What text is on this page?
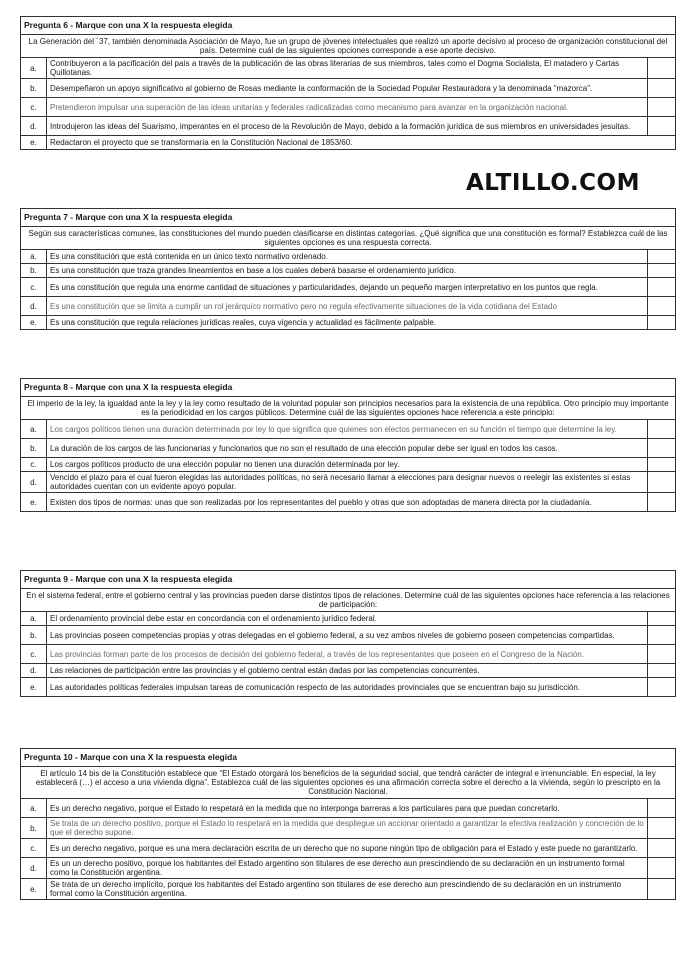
Pregunta 6 - Marque con una X la respuesta elegida		
La Generación del ´37, también denominada Asociación de Mayo, fue un grupo de jóvenes intelectuales que realizó un aporte decisivo al proceso de organización constitucional del país. Determine cuál de las siguientes opciones corresponde a ese aporte decisivo.		
a.	Contribuyeron a la pacificación del país a través de la publicación de las obras literarias de sus miembros, tales como el Dogma Socialista, El matadero y Cartas Quillotanas.	
b.	Desempeñaron un apoyo significativo al gobierno de Rosas mediante la conformación de la Sociedad Popular Restauradora y la denominada “mazorca”.	
c.	Pretendieron impulsar una superación de las ideas unitarias y federales radicalizadas como mecanismo para avanzar en la organización nacional.	
d.	Introdujeron las ideas del Suarismo, imperantes en el proceso de la Revolución de Mayo, debido a la formación jurídica de sus miembros en universidades jesuitas.	
e.	Redactaron el proyecto que se transformaría en la Constitución Nacional de 1853/60.	
ALTILLO.COM
Pregunta 7 - Marque con una X la respuesta elegida		
Según sus características comunes, las constituciones del mundo pueden clasificarse en distintas categorías. ¿Qué significa que una constitución es formal? Establezca cuál de las siguientes opciones es una respuesta correcta.		
a.	Es una constitución que está contenida en un único texto normativo ordenado.	
b.	Es una constitución que traza grandes lineamientos en base a los cuales deberá basarse el ordenamiento jurídico.	
c.	Es una constitución que regula una enorme cantidad de situaciones y particularidades, dejando un pequeño margen interpretativo en los puntos que regla.	
d.	Es una constitución que se limita a cumplir un rol jerárquico normativo pero no regula efectivamente situaciones de la vida cotidiana del Estado	
e.	Es una constitución que regula relaciones jurídicas reales, cuya vigencia y actualidad es fácilmente palpable.	
Pregunta 8 - Marque con una X la respuesta elegida		
El imperio de la ley, la igualdad ante la ley y la ley como resultado de la voluntad popular son principios necesarios para la existencia de una república. Otro principio muy importante es la periodicidad en los cargos públicos. Determine cuál de las siguientes opciones hace referencia a este principio:		
a.	Los cargos políticos tienen una duración determinada por ley lo que significa que quienes son electos permanecen en su función el tiempo que determine la ley.	
b.	La duración de los cargos de las funcionarias y funcionarios que no son el resultado de una elección popular debe ser igual en todos los casos.	
c.	Los cargos políticos producto de una elección popular no tienen una duración determinada por ley.	
d.	Vencido el plazo para el cual fueron elegidas las autoridades políticas, no será necesario llamar a elecciones para designar nuevos o reelegir las existentes si estas autoridades cuentan con un evidente apoyo popular.	
e.	Existen dos tipos de normas: unas que son realizadas por los representantes del pueblo y otras que son adoptadas de manera directa por la ciudadanía.	
Pregunta 9 - Marque con una X la respuesta elegida		
En el sistema federal, entre el gobierno central y las provincias pueden darse distintos tipos de relaciones. Determine cuál de las siguientes opciones hace referencia a las relaciones de participación:		
a.	El ordenamiento provincial debe estar en concordancia con el ordenamiento jurídico federal.	
b.	Las provincias poseen competencias propias y otras delegadas en el gobierno federal, a su vez ambos niveles de gobierno poseen competencias compartidas.	
c.	Las provincias forman parte de los procesos de decisión del gobierno federal, a través de los representantes que poseen en el Congreso de la Nación.	
d.	Las relaciones de participación entre las provincias y el gobierno central están dadas por las competencias concurrentes.	
e.	Las autoridades políticas federales impulsan tareas de comunicación respecto de las autoridades provinciales que se encuentran bajo su jurisdicción.	
Pregunta 10 - Marque con una X la respuesta elegida		
El artículo 14 bis de la Constitución establece que “El Estado otorgará los beneficios de la seguridad social, que tendrá carácter de integral e irrenunciable. En especial, la ley establecerá (…) el acceso a una vivienda digna”. Establezca cuál de las siguientes opciones es una afirmación correcta sobre el derecho a la vivienda, según lo prescripto en la Constitución Nacional.		
a.	Es un derecho negativo, porque el Estado lo respetará en la medida que no interponga barreras a los particulares para que puedan concretarlo.	
b.	Se trata de un derecho positivo, porque el Estado lo respetará en la medida que despliegue un accionar orientado a garantizar la efectiva realización y concreción de lo que el derecho supone.	
c.	Es un derecho negativo, porque es una mera declaración escrita de un derecho que no supone ningún tipo de obligación para el Estado y este puede no garantizarlo.	
d.	Es un un derecho positivo, porque los habitantes del Estado argentino son titulares de ese derecho aun prescindiendo de su declaración en un instrumento formal como la Constitución argentina.	
e.	Se trata de un derecho implícito, porque los habitantes del Estado argentino son titulares de ese derecho aun prescindiendo de su declaración en un instrumento formal como la Constitución argentina.	
